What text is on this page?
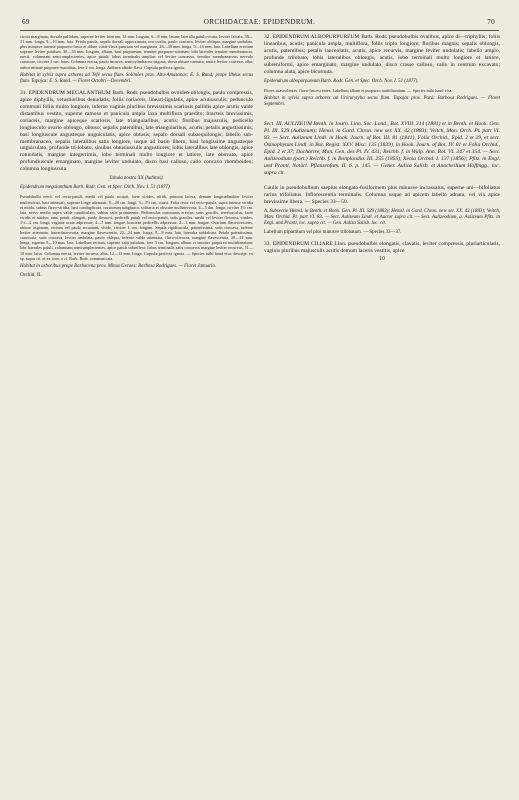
69	ORCHIDACEAE: EPIDENDRUM.	70

circiti marginata; dorsale pallidum, superne leviter lacerum, 33 mm. longum, 6—8 mm. latum; lateralia patulo-ovata, leviter falcata, 30—31 mm. longa, 9—10 mm. lata. Petala patula, sepalo dorsali approximata, oro-ovalia, paulo concava, leviter obliqua, margine undulata, plus minusve intense purpureo-fusca et dilute viridi-flava punctata vel marginata, 28—30 mm. longa, 9—10 mm. lata. Labellum erectum superne leviter patulum, 30—33 mm. longum, album, basi purpureum, tenuiter purpureo-striatum; lobi laterales tenuiter membranacei, erecti, columnam semi-amplectentes, apice patuli; lobus terminalis amplius vel leviter concavus, tenuiter membranaceus nervulo crassiore, circiter 2 cm. latus. Columna erecta, paulo incurva, semicylindraceo-trigona, dorso obtuse carinata, antice leviter convexa, alba, antice minute purpureo-maculata, fere 2 cm. longa. Anthera albido-flava. Capsula perfecta ignota.

Habitat in sylvis supra arbores ad Tefé secus flum. Solimões prov. Alto-Amazonas: E. S. Rand; prope Ilhéus secus flum. Tapajoz: E. S. Rand. — Floret Octobri—Decembri.

31. EPIDENDRUM MEGALANTHUM Barb. Rodr. pseudobulbis ovoideo-oblongis, paulo compressis, apice diphyllis, vetustioribus denudatis; foliis coriaceis, lineari-ligulatis, apice acutiusculis; pedunculo communi foliis multo longiore, inferne vaginis pluribus brevissimis scariosis pallidis apice acutis valde distantibus vestito, superne ramoso et panicula ampla laxa multiflora praedito; bracteis brevissimis, coriaceis, margine apiceque scariosis, late triangularibus, acutis; floribus majusculis, pedicello longiusculo ovario oblongo, obtuso; sepalis patentibus, late triangularibus, acutis; petalis angustissimis, basi longiuscule angusteque unguiculatis, apice obtusis; sepalo dorsali subaequilongis; labello sub-membranaceo, sepalis lateralibus satis longiore, usque ad basin libero, basi longissime angusteque unguiculato, profunde tri-lobato, sinubus obtusiusculis angustiores; lobis lateralibus late oblongis, apice rotundatis, margine integerrimis, lobo terminali multo longiore et latiore, late obovato, apice profundiuscule emarginato, margine leviter undulato, disco basi calloso, callo concavo rhomboideo; columna longiuscula.

Tabula nostra XX (habitus).

Epidendrum megalanthum Barb. Rodr. Gen. et Spec. Orch. Nov. I. 51 (1877).

Pseudobulbi erecti vel recto-patuli, medii vel paulo arcuati, laete virides, nitidi, primum lacera, demum longitudinaliter leviter multisulcati, basi attenuati, superne longe attenuati, 8—20 cm. longi, 3—3½ cm. crassi. Folia recta vel recto-patula, supra intense viridia et nitida, subtus flavo-viridia, basi conduplicata, coriaceum subglauca, solitaria et obscure multinervosa, 4—5 dm. longa, circiter 3½ cm. lata, nervo medio supra valde canaliculato, subtus satis prominente. Pedunculus communis erectus, satis gracilis, teretiusculus, laete viridis et nitidus; rami patuli, elongati, paulo flexuosi; pedicelli patuli vel recto-patuli, satis graciles, medii vel leviter flexuosi, virides, 1½—2 cm. longi; vaginae acute adpressae, 4—7 mm. longae; bracteae pedicellis adpressae, 2—3 mm. longae. Ovarium flavovirescens, obtuse trigonum, rectum vel paulo arcuatum, viride, circiter 1 cm. longum. Sepala rigidiuscula, patentissima, satis concava, inferne leviter attenuata, lanceolato-ovata, margine flavescentia, 22—24 mm. longa, 8—9 mm. lata, lateralia subfalcata. Petala patentissima, carnosula, satis concava, leviter undulata, paulo obliqua, inferne valde attenuata, flavo-olivacea, margine flavescentia, 20—22 mm. longa, superne 9—10 mm. lata. Labellum rectum, superne satis patulum, fere 3 cm. longum, album et tenuiter purpureo multilineatum; lobi laterales patuli, columnam semi-amplectentes, apice patuli subreflexi; lobus terminalis satis concavus margine leviter recurvus, 11—18 mm. latus. Columna erecta, leviter incurva, alba, 12—13 mm. longa. Capsula perfecta ignota. — Species mihi haud visa: descript. ex sp. supra cit. et ex icon. a cl. Barb. Rodr. communicata.

Habitat in arboribus prope Barbacena prov. Minas Geraes: Barbosa Rodrigues. — Floret Januario.

Orchid. II.

32. EPIDENDRUM ALBOPURPUREUM Barb. Rodr. pseudobulbis ovalibus, apice di—triphyllis; foliis linearibus, acutis; panicula ampla, multiflora, foliis triplo longiore; floribus magnis; sepalis oblongis, acutis, patentibus; petalis lanceolatis, acutis, apice recurvis, margine leviter undulatis; labello amplo, profunde trilobato, lobis lateralibus oblongis, acutis, lobo terminali multo longiore et latiore, subreniformi, apice emarginato, margine undulato, disco crasse calloso, callo in centrum excavato; columna alata, apice bicornuta.

Epidendrum albopurpureum Barb. Rodr. Gen. et Spec. Orch. Nov. I. 51 (1877).

Flores suaveolentes, flavo-fuscescentes, Labellum album et purpureo multilineatum. — Species mihi haud visa.

Habitat in sylvis supra arbores ad Uricurytyba secus flum. Tapajoz prov. Pará: Barbosa Rodrigues. — Floret Septembri.

Sect. III. AULIZEUM Benth. in Journ. Linn. Soc. Lond., Bot. XVIII. 314 (1881) et in Benth. et Hook. Gen. Pl. III. 529 (Aulizeum); Hemsl. in Gard. Chron. new ser. XX. 42 (1883); Veitch, Man. Orch. Pl. part VI. 83. — Sect. Aulizeum Lindl. in Hook. Journ. of Bot. III. 81 (1841), Folia Orchid., Epid. 2 et 29, et sect. Osmophytum Lindl. in Bot. Regist. XXV. Misc. 135 (1839), in Hook. Journ. of Bot. IV. 81 et Folia Orchid., Epid. 2 et 37; Duchartre, Man. Gen. des Pl. IV. 431; Reichb. f. in Walp. Ann. Bot. VI. 347 et 354. — Sect. Aulizeodium (part.) Reichb. f. in Bonplandia. III. 255 (1855), Xenia Orchid. I. 137 (1856); Pfitz. in Engl. und Prantl, Natürl. Pflanzenfam. II. 6. p. 145. — Gener. Auliza Salisb. et Anacheilium Hoffmgg., loc. supra cit.

Caulis in pseudobulbum saepius elongato-fusiformem plus minusve incrassatus, superne uni—bifoliatus rarius trifoliatus. Inflorescentia terminalis. Columna usque ad apicem labello adnata, vel vix apice brevissime libera. — Species 33—50.

A. Subsectio Hemsl. in Benth. et Hook. Gen. Pl. III. 529 (1883); Hemsl. in Gard. Chron. new ser. XX. 43 (1883); Veitch, Man. Orchid. Pl. part VI. 83. — Sect. Aulizeum Lindl. et Auctor supra cit. — Sect. Aulizeodium, a. Aulizeum Pfitz. in Engl. und Prantl, loc. supra cit. — Gen. Auliza Salisb. loc. cit.

Labellum tripartitum vel plus minusve trilobatum. — Species 33—37.

33. EPIDENDRUM CILIARE Linn. pseudobulbis elongatis, clavatis, leviter compressis, pluriarticulatis, vaginis pluribus majusculis acutis demum laceris vestitis, apice

10
